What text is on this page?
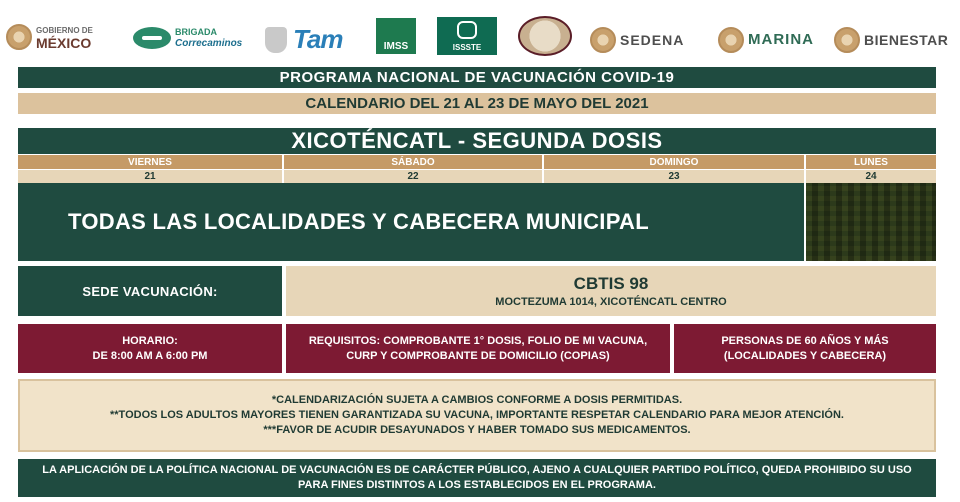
GOBIERNO DE
MÉXICO
BRIGADA
Correcaminos Tam	IMSS	ISSSTE	SEDENA	MARINA	BIENESTAR
PROGRAMA NACIONAL DE VACUNACIÓN COVID-19
CALENDARIO DEL 21 AL 23 DE MAYO DEL 2021
XICOTÉNCATL - SEGUNDA DOSIS
VIERNES	SÁBADO	DOMINGO	LUNES
21	22	23	24
TODAS LAS LOCALIDADES Y CABECERA MUNICIPAL
SEDE VACUNACIÓN:	CBTIS 98
MOCTEZUMA 1014, XICOTÉNCATL CENTRO
HORARIO:
DE 8:00 AM A 6:00 PM
REQUISITOS: COMPROBANTE 1° DOSIS, FOLIO DE MI VACUNA, CURP Y COMPROBANTE DE DOMICILIO (COPIAS)
PERSONAS DE 60 AÑOS Y MÁS (LOCALIDADES Y CABECERA)
*CALENDARIZACIÓN SUJETA A CAMBIOS CONFORME A DOSIS PERMITIDAS.
**TODOS LOS ADULTOS MAYORES TIENEN GARANTIZADA SU VACUNA, IMPORTANTE RESPETAR CALENDARIO PARA MEJOR ATENCIÓN.
***FAVOR DE ACUDIR DESAYUNADOS Y HABER TOMADO SUS MEDICAMENTOS.
LA APLICACIÓN DE LA POLÍTICA NACIONAL DE VACUNACIÓN ES DE CARÁCTER PÚBLICO, AJENO A CUALQUIER PARTIDO POLÍTICO, QUEDA PROHIBIDO SU USO PARA FINES DISTINTOS A LOS ESTABLECIDOS EN EL PROGRAMA.
